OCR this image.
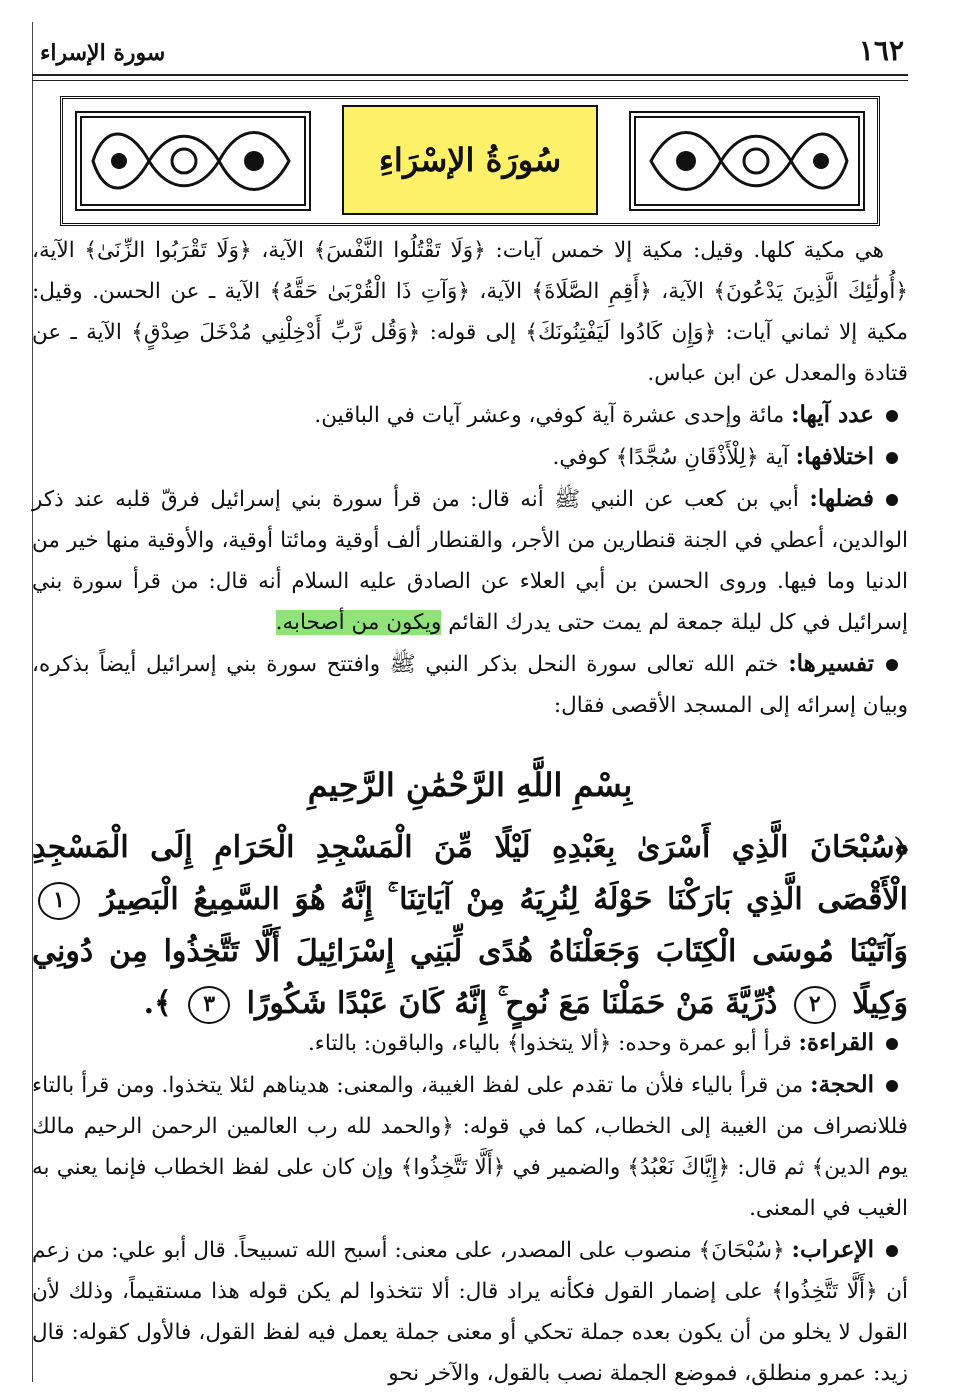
١٦٢
سورة الإسراء
سُورَةُ الإسْرَاءِ

هي مكية كلها. وقيل: مكية إلا خمس آيات: ﴿وَلَا تَقْتُلُوا النَّفْسَ﴾ الآية، ﴿وَلَا تَقْرَبُوا الزِّنَىٰ﴾ الآية، ﴿أُولَٰئِكَ الَّذِينَ يَدْعُونَ﴾ الآية، ﴿أَقِمِ الصَّلَاةَ﴾ الآية، ﴿وَآتِ ذَا الْقُرْبَىٰ حَقَّهُ﴾ الآية ـ عن الحسن. وقيل: مكية إلا ثماني آيات: ﴿وَإِن كَادُوا لَيَفْتِنُونَكَ﴾ إلى قوله: ﴿وَقُل رَّبِّ أَدْخِلْنِي مُدْخَلَ صِدْقٍ﴾ الآية ـ عن قتادة والمعدل عن ابن عباس.

عدد آيها: مائة وإحدى عشرة آية كوفي، وعشر آيات في الباقين.

اختلافها: آية ﴿لِلْأَذْقَانِ سُجَّدًا﴾ كوفي.

فضلها: أبي بن كعب عن النبي ﷺ أنه قال: من قرأ سورة بني إسرائيل فرقّ قلبه عند ذكر الوالدين، أعطي في الجنة قنطارين من الأجر، والقنطار ألف أوقية ومائتا أوقية، والأوقية منها خير من الدنيا وما فيها. وروى الحسن بن أبي العلاء عن الصادق عليه السلام أنه قال: من قرأ سورة بني إسرائيل في كل ليلة جمعة لم يمت حتى يدرك القائم ويكون من أصحابه.

تفسيرها: ختم الله تعالى سورة النحل بذكر النبي ﷺ وافتتح سورة بني إسرائيل أيضاً بذكره، وبيان إسرائه إلى المسجد الأقصى فقال:

بِسْمِ اللَّهِ الرَّحْمَٰنِ الرَّحِيمِ
﴿سُبْحَانَ الَّذِي أَسْرَىٰ بِعَبْدِهِ لَيْلًا مِّنَ الْمَسْجِدِ الْحَرَامِ إِلَى الْمَسْجِدِ الْأَقْصَى الَّذِي بَارَكْنَا حَوْلَهُ لِنُرِيَهُ مِنْ آيَاتِنَا ۚ إِنَّهُ هُوَ السَّمِيعُ الْبَصِيرُ ١ وَآتَيْنَا مُوسَى الْكِتَابَ وَجَعَلْنَاهُ هُدًى لِّبَنِي إِسْرَائِيلَ أَلَّا تَتَّخِذُوا مِن دُونِي وَكِيلًا ٢ ذُرِّيَّةَ مَنْ حَمَلْنَا مَعَ نُوحٍ ۚ إِنَّهُ كَانَ عَبْدًا شَكُورًا ٣ ﴾.

القراءة: قرأ أبو عمرة وحده: ﴿ألا يتخذوا﴾ بالياء، والباقون: بالتاء.

الحجة: من قرأ بالياء فلأن ما تقدم على لفظ الغيبة، والمعنى: هديناهم لئلا يتخذوا. ومن قرأ بالتاء فللانصراف من الغيبة إلى الخطاب، كما في قوله: ﴿والحمد لله رب العالمين الرحمن الرحيم مالك يوم الدين﴾ ثم قال: ﴿إِيَّاكَ نَعْبُدُ﴾ والضمير في ﴿أَلَّا تَتَّخِذُوا﴾ وإن كان على لفظ الخطاب فإنما يعني به الغيب في المعنى.

الإعراب: ﴿سُبْحَانَ﴾ منصوب على المصدر، على معنى: أسبح الله تسبيحاً. قال أبو علي: من زعم أن ﴿أَلَّا تَتَّخِذُوا﴾ على إضمار القول فكأنه يراد قال: ألا تتخذوا لم يكن قوله هذا مستقيماً، وذلك لأن القول لا يخلو من أن يكون بعده جملة تحكي أو معنى جملة يعمل فيه لفظ القول، فالأول كقوله: قال زيد: عمرو منطلق، فموضع الجملة نصب بالقول، والآخر نحو
